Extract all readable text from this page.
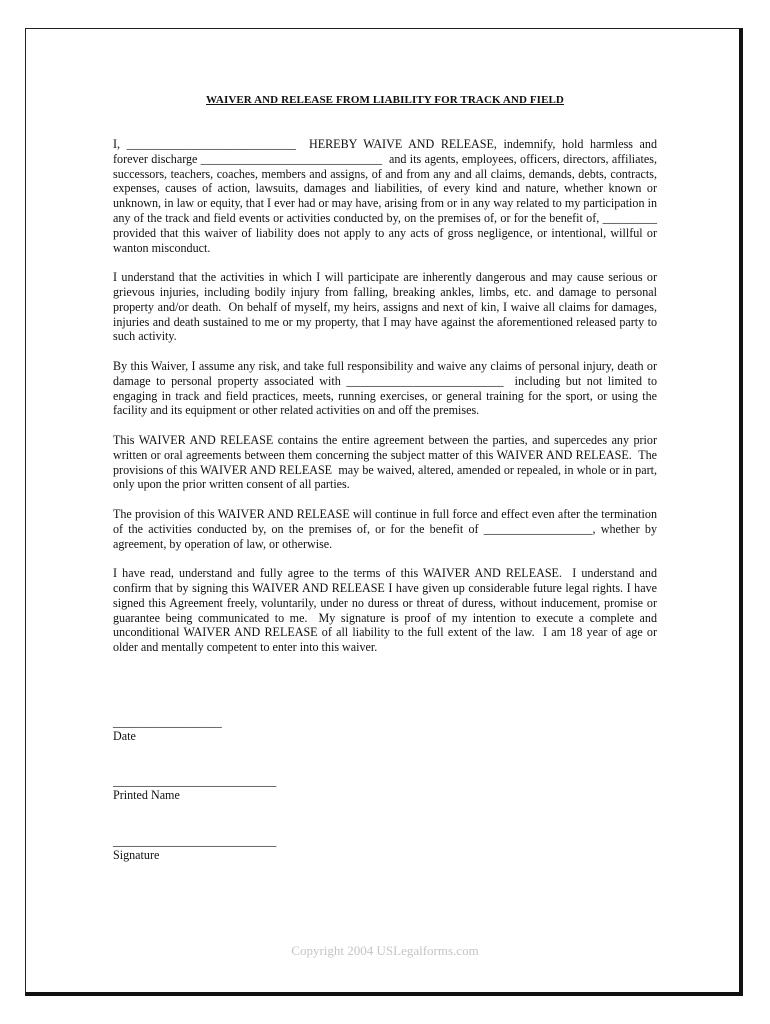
WAIVER AND RELEASE FROM LIABILITY FOR TRACK AND FIELD

I, ____________________________  HEREBY WAIVE AND RELEASE, indemnify, hold harmless and forever discharge ______________________________  and its agents, employees, officers, directors, affiliates, successors, teachers, coaches, members and assigns, of and from any and all claims, demands, debts, contracts, expenses, causes of action, lawsuits, damages and liabilities, of every kind and nature, whether known or unknown, in law or equity, that I ever had or may have, arising from or in any way related to my participation in any of the track and field events or activities conducted by, on the premises of, or for the benefit of, _________ provided that this waiver of liability does not apply to any acts of gross negligence, or intentional, willful or wanton misconduct.

I understand that the activities in which I will participate are inherently dangerous and may cause serious or grievous injuries, including bodily injury from falling, breaking ankles, limbs, etc. and damage to personal property and/or death.  On behalf of myself, my heirs, assigns and next of kin, I waive all claims for damages, injuries and death sustained to me or my property, that I may have against the aforementioned released party to such activity.

By this Waiver, I assume any risk, and take full responsibility and waive any claims of personal injury, death or damage to personal property associated with __________________________  including but not limited to engaging in track and field practices, meets, running exercises, or general training for the sport, or using the facility and its equipment or other related activities on and off the premises.

This WAIVER AND RELEASE contains the entire agreement between the parties, and supercedes any prior written or oral agreements between them concerning the subject matter of this WAIVER AND RELEASE.  The provisions of this WAIVER AND RELEASE  may be waived, altered, amended or repealed, in whole or in part, only upon the prior written consent of all parties.

The provision of this WAIVER AND RELEASE will continue in full force and effect even after the termination of the activities conducted by, on the premises of, or for the benefit of __________________, whether by agreement, by operation of law, or otherwise.

I have read, understand and fully agree to the terms of this WAIVER AND RELEASE.  I understand and confirm that by signing this WAIVER AND RELEASE I have given up considerable future legal rights. I have signed this Agreement freely, voluntarily, under no duress or threat of duress, without inducement, promise or guarantee being communicated to me.  My signature is proof of my intention to execute a complete and unconditional WAIVER AND RELEASE of all liability to the full extent of the law.  I am 18 year of age or older and mentally competent to enter into this waiver.

__________________
Date
___________________________
Printed Name
___________________________
Signature
Copyright 2004 USLegalforms.com
